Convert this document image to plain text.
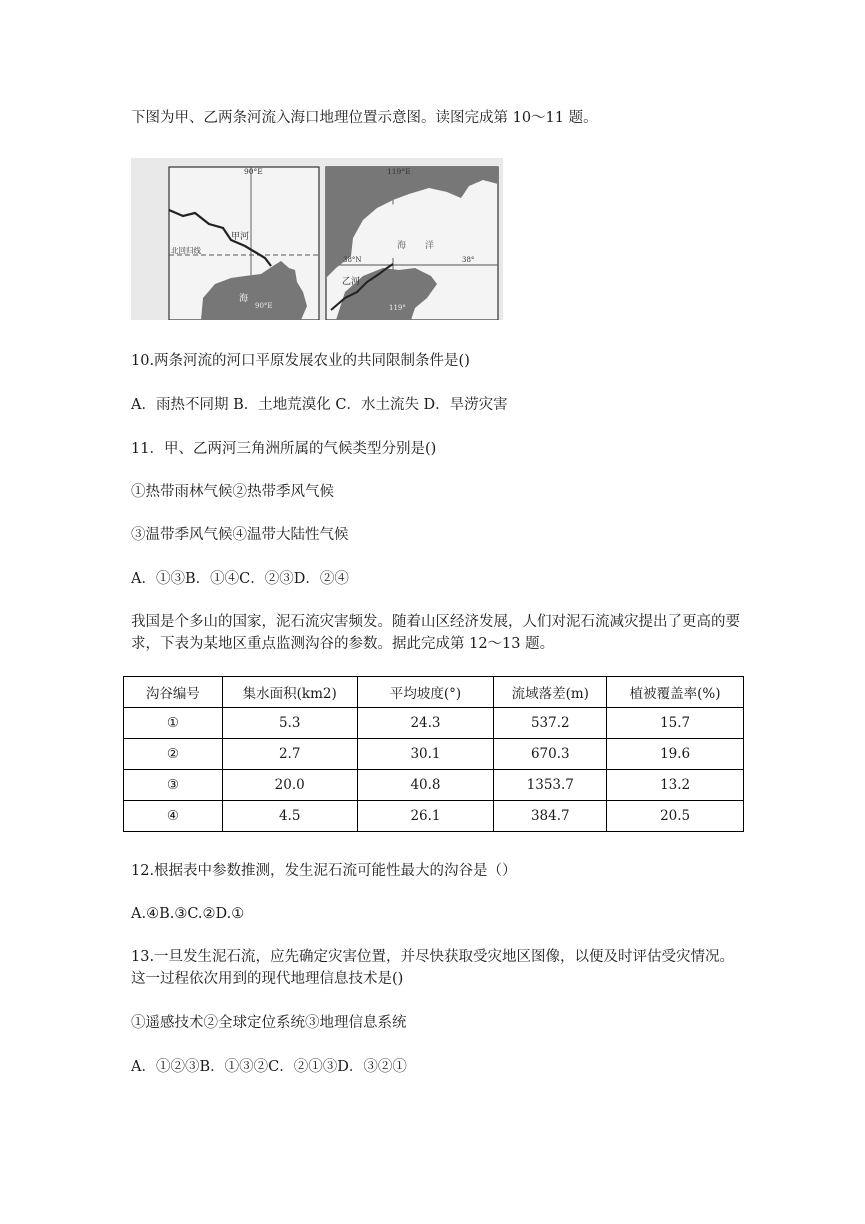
下图为甲、乙两条河流入海口地理位置示意图。读图完成第 10～11 题。
甲河
90°E
北回归线
海
90°E
乙河
119°E
38°N	38°
海 洋
119°
10.两条河流的河口平原发展农业的共同限制条件是()
A．雨热不同期 B．土地荒漠化 C．水土流失 D．旱涝灾害
11．甲、乙两河三角洲所属的气候类型分别是()
①热带雨林气候②热带季风气候
③温带季风气候④温带大陆性气候
A．①③B．①④C．②③D．②④
我国是个多山的国家，泥石流灾害频发。随着山区经济发展，人们对泥石流减灾提出了更高的要求，下表为某地区重点监测沟谷的参数。据此完成第 12～13 题。
沟谷编号	集水面积(km2)	平均坡度(°)	流域落差(m)	植被覆盖率(%)
①	5.3	24.3	537.2	15.7
②	2.7	30.1	670.3	19.6
③	20.0	40.8	1353.7	13.2
④	4.5	26.1	384.7	20.5
12.根据表中参数推测，发生泥石流可能性最大的沟谷是（）
A.④B.③C.②D.①
13.一旦发生泥石流，应先确定灾害位置，并尽快获取受灾地区图像，以便及时评估受灾情况。这一过程依次用到的现代地理信息技术是()
①遥感技术②全球定位系统③地理信息系统
A．①②③B．①③②C．②①③D．③②①
